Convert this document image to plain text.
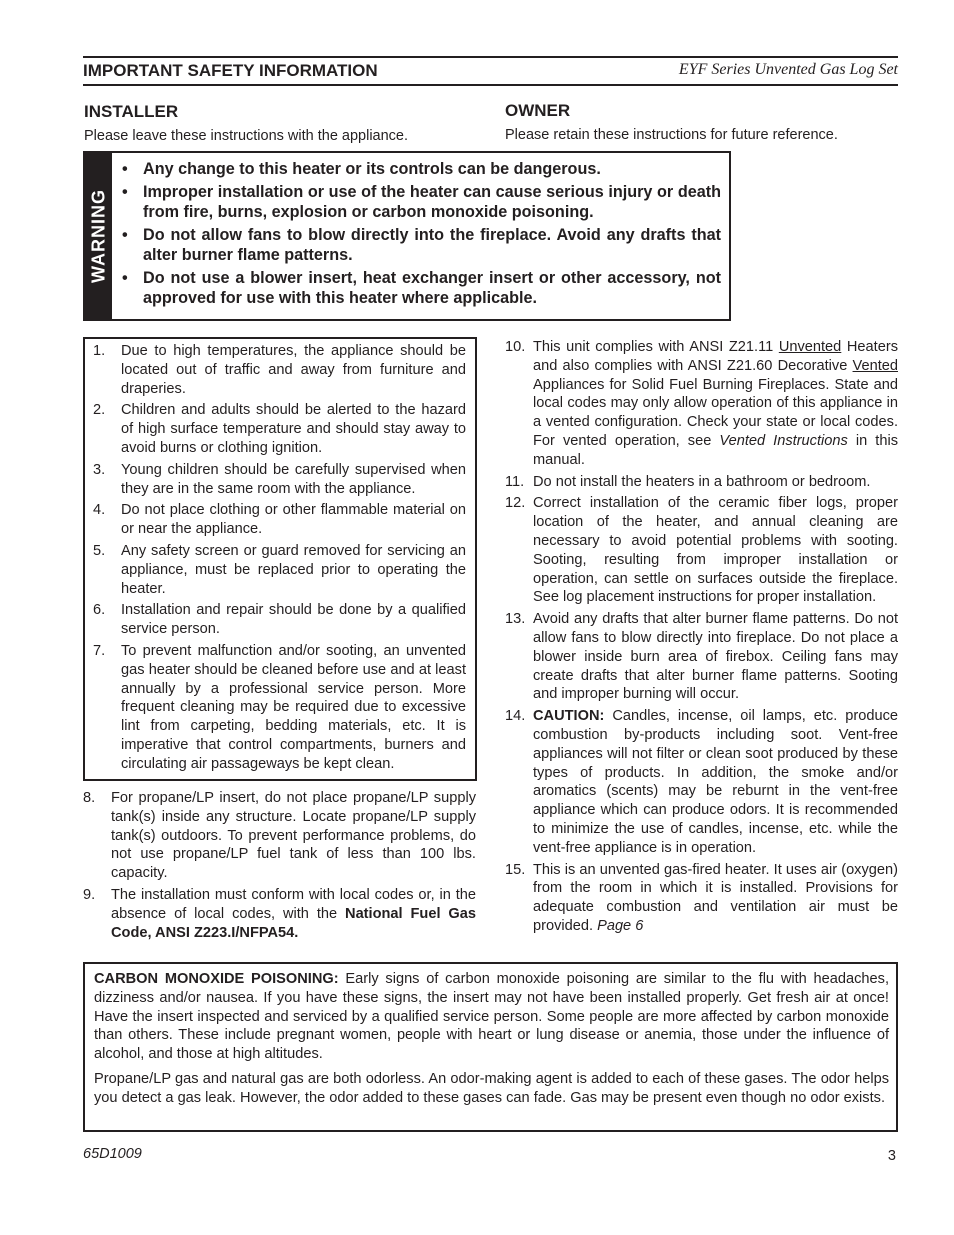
IMPORTANT SAFETY INFORMATION	EYF Series Unvented Gas Log Set
INSTALLER
Please leave these instructions with the appliance.
OWNER
Please retain these instructions for future reference.
WARNING
• Any change to this heater or its controls can be dangerous.
• Improper installation or use of the heater can cause serious injury or death from fire, burns, explosion or carbon monoxide poisoning.
• Do not allow fans to blow directly into the fireplace. Avoid any drafts that alter burner flame patterns.
• Do not use a blower insert, heat exchanger insert or other accessory, not approved for use with this heater where applicable.
1. Due to high temperatures, the appliance should be located out of traffic and away from furniture and draperies.
2. Children and adults should be alerted to the hazard of high surface temperature and should stay away to avoid burns or clothing ignition.
3. Young children should be carefully supervised when they are in the same room with the appliance.
4. Do not place clothing or other flammable material on or near the appliance.
5. Any safety screen or guard removed for servicing an appliance, must be replaced prior to operating the heater.
6. Installation and repair should be done by a qualified service person.
7. To prevent malfunction and/or sooting, an unvented gas heater should be cleaned before use and at least annually by a professional service person. More frequent cleaning may be required due to excessive lint from carpeting, bedding materials, etc. It is imperative that control compartments, burners and circulating air passageways be kept clean.
8. For propane/LP insert, do not place propane/LP supply tank(s) inside any structure. Locate propane/LP supply tank(s) outdoors. To prevent performance problems, do not use propane/LP fuel tank of less than 100 lbs. capacity.
9. The installation must conform with local codes or, in the absence of local codes, with the National Fuel Gas Code, ANSI Z223.I/NFPA54.
10. This unit complies with ANSI Z21.11 Unvented Heaters and also complies with ANSI Z21.60 Decorative Vented Appliances for Solid Fuel Burning Fireplaces. State and local codes may only allow operation of this appliance in a vented configuration. Check your state or local codes. For vented operation, see Vented Instructions in this manual.
11. Do not install the heaters in a bathroom or bedroom.
12. Correct installation of the ceramic fiber logs, proper location of the heater, and annual cleaning are necessary to avoid potential problems with sooting. Sooting, resulting from improper installation or operation, can settle on surfaces outside the fireplace. See log placement instructions for proper installation.
13. Avoid any drafts that alter burner flame patterns. Do not allow fans to blow directly into fireplace. Do not place a blower inside burn area of firebox. Ceiling fans may create drafts that alter burner flame patterns. Sooting and improper burning will occur.
14. CAUTION: Candles, incense, oil lamps, etc. produce combustion by-products including soot. Vent-free appliances will not filter or clean soot produced by these types of products. In addition, the smoke and/or aromatics (scents) may be reburnt in the vent-free appliance which can produce odors. It is recommended to minimize the use of candles, incense, etc. while the vent-free appliance is in operation.
15. This is an unvented gas-fired heater. It uses air (oxygen) from the room in which it is installed. Provisions for adequate combustion and ventilation air must be provided. Page 6

CARBON MONOXIDE POISONING: Early signs of carbon monoxide poisoning are similar to the flu with headaches, dizziness and/or nausea. If you have these signs, the insert may not have been installed properly. Get fresh air at once! Have the insert inspected and serviced by a qualified service person. Some people are more affected by carbon monoxide than others. These include pregnant women, people with heart or lung disease or anemia, those under the influence of alcohol, and those at high altitudes.

Propane/LP gas and natural gas are both odorless. An odor-making agent is added to each of these gases. The odor helps you detect a gas leak. However, the odor added to these gases can fade. Gas may be present even though no odor exists.

65D1009	3
